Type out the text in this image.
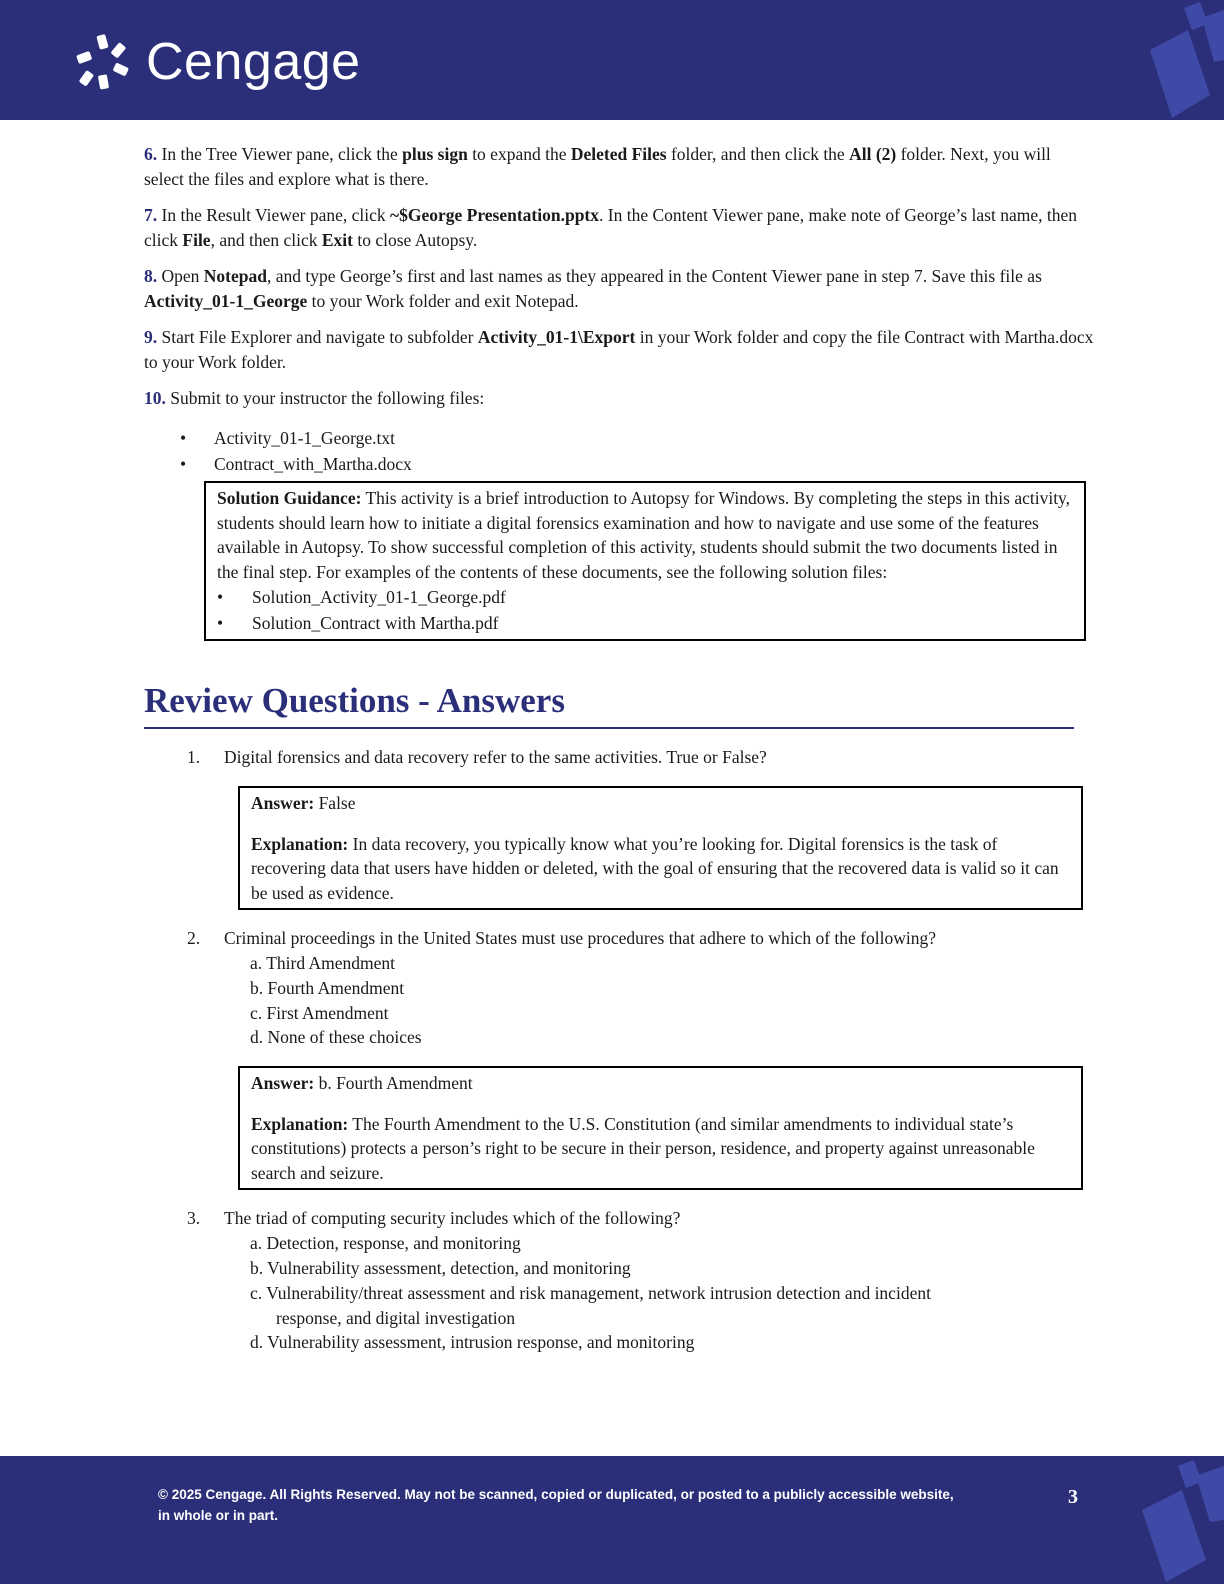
Cengage

6. In the Tree Viewer pane, click the plus sign to expand the Deleted Files folder, and then click the All (2) folder. Next, you will select the files and explore what is there.

7. In the Result Viewer pane, click ~$George Presentation.pptx. In the Content Viewer pane, make note of George’s last name, then click File, and then click Exit to close Autopsy.

8. Open Notepad, and type George’s first and last names as they appeared in the Content Viewer pane in step 7. Save this file as Activity_01-1_George to your Work folder and exit Notepad.

9. Start File Explorer and navigate to subfolder Activity_01-1\Export in your Work folder and copy the file Contract with Martha.docx to your Work folder.

10. Submit to your instructor the following files:

• Activity_01-1_George.txt
• Contract_with_Martha.docx
Solution Guidance: This activity is a brief introduction to Autopsy for Windows. By completing the steps in this activity, students should learn how to initiate a digital forensics examination and how to navigate and use some of the features available in Autopsy. To show successful completion of this activity, students should submit the two documents listed in the final step. For examples of the contents of these documents, see the following solution files:
• Solution_Activity_01-1_George.pdf
• Solution_Contract with Martha.pdf
Review Questions - Answers
1. Digital forensics and data recovery refer to the same activities. True or False?

Answer: False

Explanation: In data recovery, you typically know what you’re looking for. Digital forensics is the task of recovering data that users have hidden or deleted, with the goal of ensuring that the recovered data is valid so it can be used as evidence.

2. Criminal proceedings in the United States must use procedures that adhere to which of the following?
a. Third Amendment
b. Fourth Amendment
c. First Amendment
d. None of these choices

Answer: b. Fourth Amendment

Explanation: The Fourth Amendment to the U.S. Constitution (and similar amendments to individual state’s constitutions) protects a person’s right to be secure in their person, residence, and property against unreasonable search and seizure.

3. The triad of computing security includes which of the following?
a. Detection, response, and monitoring
b. Vulnerability assessment, detection, and monitoring
c. Vulnerability/threat assessment and risk management, network intrusion detection and incident
response, and digital investigation
d. Vulnerability assessment, intrusion response, and monitoring
© 2025 Cengage. All Rights Reserved. May not be scanned, copied or duplicated, or posted to a publicly accessible website, in whole or in part.
3
